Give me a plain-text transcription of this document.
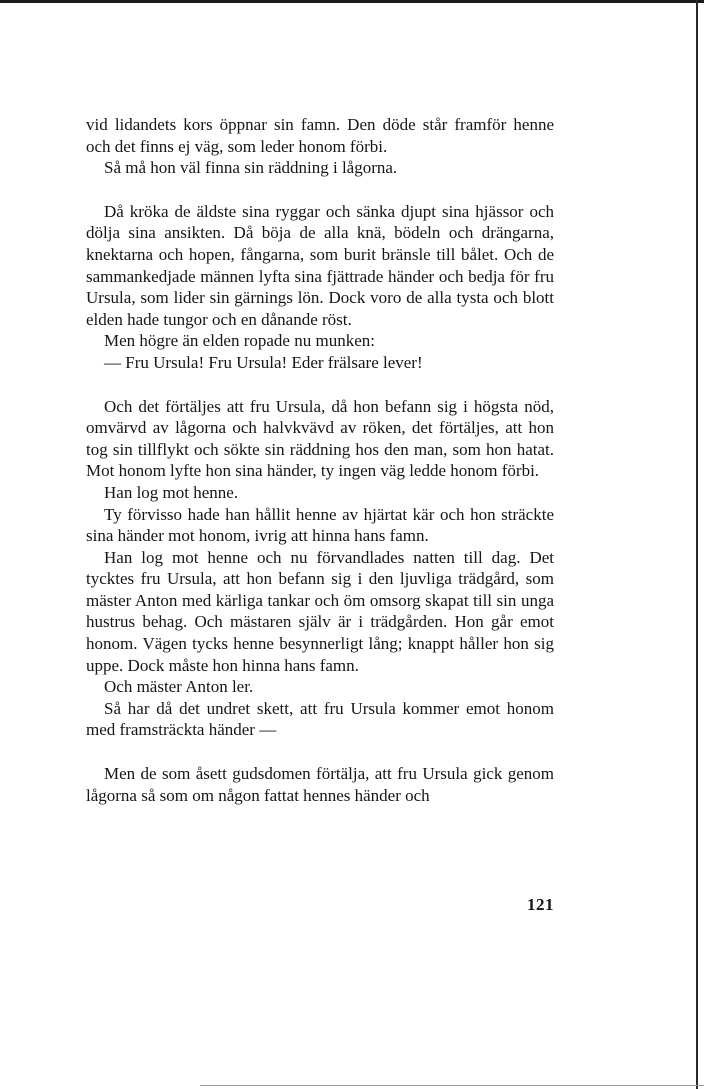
vid lidandets kors öppnar sin famn. Den döde står framför henne och det finns ej väg, som leder honom förbi.

Så må hon väl finna sin räddning i lågorna.

Då kröka de äldste sina ryggar och sänka djupt sina hjässor och dölja sina ansikten. Då böja de alla knä, bödeln och drängarna, knektarna och hopen, fångarna, som burit bränsle till bålet. Och de sammankedjade männen lyfta sina fjättrade händer och bedja för fru Ursula, som lider sin gärnings lön. Dock voro de alla tysta och blott elden hade tungor och en dånande röst.

Men högre än elden ropade nu munken:

— Fru Ursula! Fru Ursula! Eder frälsare lever!

Och det förtäljes att fru Ursula, då hon befann sig i högsta nöd, omvärvd av lågorna och halvkvävd av röken, det förtäljes, att hon tog sin tillflykt och sökte sin räddning hos den man, som hon hatat. Mot honom lyfte hon sina händer, ty ingen väg ledde honom förbi.

Han log mot henne.

Ty förvisso hade han hållit henne av hjärtat kär och hon sträckte sina händer mot honom, ivrig att hinna hans famn.

Han log mot henne och nu förvandlades natten till dag. Det tycktes fru Ursula, att hon befann sig i den ljuvliga trädgård, som mäster Anton med kärliga tankar och öm omsorg skapat till sin unga hustrus behag. Och mästaren själv är i trädgården. Hon går emot honom. Vägen tycks henne besynnerligt lång; knappt håller hon sig uppe. Dock måste hon hinna hans famn.

Och mäster Anton ler.

Så har då det undret skett, att fru Ursula kommer emot honom med framsträckta händer —

Men de som åsett gudsdomen förtälja, att fru Ursula gick genom lågorna så som om någon fattat hennes händer och

121
